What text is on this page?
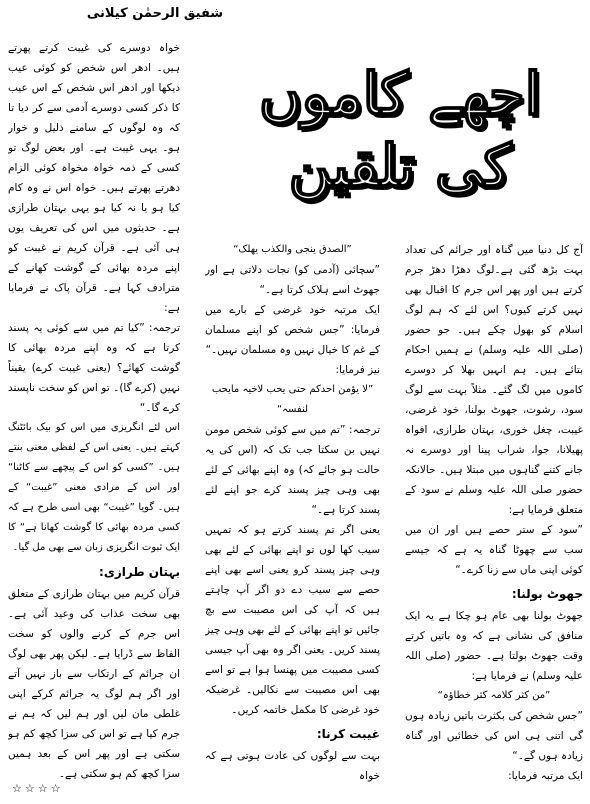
شفیق الرحمٰن کیلانی
اچھے کاموں
کی تلقین

آج کل دنیا میں گناہ اور جرائم کی تعداد بہت بڑھ گئی ہے۔لوگ دھڑا دھڑ جرم کرتے ہیں اور پھر اس جرم کا اقبال بھی نہیں کرتے کیوں؟ اس لئے کہ ہم لوگ اسلام کو بھول چکے ہیں۔ جو حضور (صلی اللہ علیہ وسلم) نے ہمیں احکام بتائے ہیں۔ ہم انہیں بھلا کر دوسرے کاموں میں لگ گئے۔ مثلاً بہت سے لوگ سود، رشوت، جھوٹ بولنا، خود غرضی، غیبت، چغل خوری، بہتان طرازی، افواہ پھیلانا، جوا، شراب پینا اور دوسرے نہ جانے کتنے گناہوں میں مبتلا ہیں۔ حالانکہ حضور صلی اللہ علیہ وسلم نے سود کے متعلق فرمایا ہے:

”سود کے ستر حصے ہیں اور ان میں سب سے چھوٹا گناہ یہ ہے کہ جیسے کوئی اپنی ماں سے زنا کرے۔“

جھوٹ بولنا:

جھوٹ بولنا بھی عام ہو چکا ہے یہ ایک منافق کی نشانی ہے کہ وہ باتیں کرتے وقت جھوٹ بولتا ہے۔ حضور (صلی اللہ علیہ وسلم) نے فرمایا ہے:

”من کثر کلامہ کثر خطاؤہ“

”جس شخص کی بکثرت باتیں زیادہ ہوں گی اتنی ہی اس کی خطائیں اور گناہ زیادہ ہوں گے۔“

ایک مرتبہ فرمایا:

”الصدق ینجی والکذب یھلک“

”سچائی (آدمی کو) نجات دلاتی ہے اور جھوٹ اسے ہلاک کرتا ہے۔“

ایک مرتبہ خود غرضی کے بارے میں فرمایا: ”جس شخص کو اپنے مسلمان کے غم کا خیال نہیں وہ مسلمان نہیں۔“

نیز فرمایا:

”لا یؤمن احدکم حتی یحب لاخیہ مایحب لنفسہ“

ترجمہ: ”تم میں سے کوئی شخص مومن نہیں بن سکتا جب تک کہ (اس کی یہ حالت ہو جائے کہ) وہ اپنے بھائی کے لئے بھی وہی چیز پسند کرے جو اپنے لئے پسند کرتا ہے۔“

یعنی اگر تم پسند کرتے ہو کہ تمہیں سیب کھا لوں تو اپنے بھائی کے لئے بھی وہی چیز پسند کرو یعنی اسے بھی اپنے حصے سے سیب دے دو اگر آپ چاہتے ہیں کہ آپ کی اس مصیبت سے بچ جائیں تو اپنے بھائی کے لئے بھی وہی چیز پسند کریں۔ یعنی اگر وہ بھی آپ جیسی کسی مصیبت میں پھنسا ہوا ہے تو اسے بھی اس مصیبت سے نکالیں۔ غرضیکہ خود غرضی کا مکمل خاتمہ کریں۔

غیبت کرنا:

بہت سے لوگوں کی عادت ہوتی ہے کہ خواہ

خواہ دوسرے کی غیبت کرتے پھرتے ہیں۔ ادھر اس شخص کو کوئی عیب دیکھا اور ادھر اس شخص کے اس عیب کا ذکر کسی دوسرے آدمی سے کر دیا تا کہ وہ لوگوں کے سامنے ذلیل و خوار ہو۔ یہی غیبت ہے۔ اور بعض لوگ تو کسی کے ذمہ خواہ مخواہ کوئی الزام دھرتے پھرتے ہیں۔ خواہ اس نے وہ کام کیا ہو یا نہ کیا ہو یہی بہتان طرازی ہے۔ حدیثوں میں اس کی تعریف یوں ہی آئی ہے۔ قرآن کریم نے غیبت کو اپنے مردہ بھائی کے گوشت کھانے کے مترادف کہا ہے۔ قرآن پاک نے فرمایا ہے:

ترجمہ: ”کیا تم میں سے کوئی یہ پسند کرتا ہے کہ وہ اپنے مردہ بھائی کا گوشت کھائے؟ (یعنی غیبت کرے) یقیناً نہیں (کرے گا)۔ تو اس کو سخت ناپسند کرے گا۔“

اس لئے انگریزی میں اس کو بیک بائٹنگ کہتے ہیں۔ یعنی اس کے لفظی معنی بنتے ہیں۔ ”کسی کو اس کے پیچھے سے کاٹنا“ اور اس کے مرادی معنی ”غیبت“ کے ہیں۔ گویا ”غیبت“ بھی اسی طرح ہے کہ کسی مردہ بھائی کا گوشت کھانا ہے“ کا ایک ثبوت انگریزی زبان سے بھی مل گیا۔

بہتان طرازی:

قرآن کریم میں بہتان طرازی کے متعلق بھی سخت عذاب کی وعید آئی ہے۔ اس جرم کے کرنے والوں کو سخت الفاظ سے ڈرایا ہے۔ لیکن پھر بھی لوگ ان جرائم کے ارتکاب سے باز نہیں آتے اور اگر ہم لوگ یہ جرائم کرکے اپنی غلطی مان لیں اور ہم لیں کہ ہم نے جرم کیا ہے تو اس کی سزا کچھ کم ہو سکتی ہے اور پھر اس کے بعد ہمیں سزا کچھ کم ہو سکتی ہے۔

☆☆☆☆
